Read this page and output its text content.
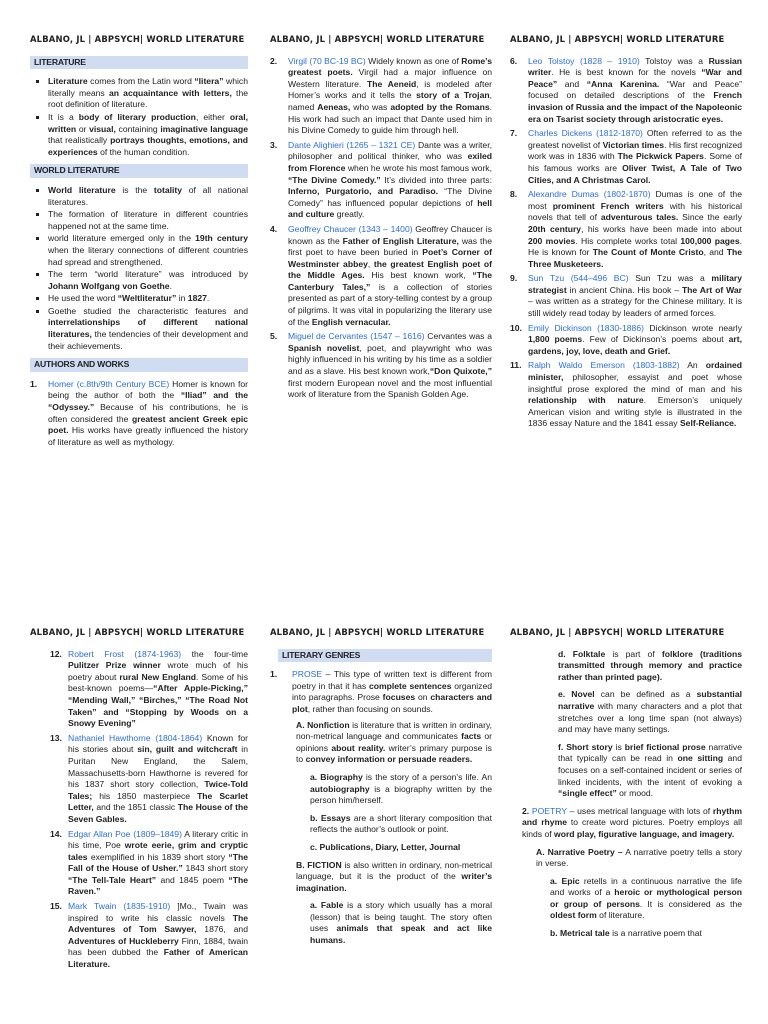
ALBANO, JL | ABPSYCH| WORLD LITERATURE
LITERATURE
Literature comes from the Latin word “litera” which literally means an acquaintance with letters, the root definition of literature.
It is a body of literary production, either oral, written or visual, containing imaginative language that realistically portrays thoughts, emotions, and experiences of the human condition.
WORLD LITERATURE
World literature is the totality of all national literatures.
The formation of literature in different countries happened not at the same time.
world literature emerged only in the 19th century when the literary connections of different countries had spread and strengthened.
The term “world literature” was introduced by Johann Wolfgang von Goethe.
He used the word “Weltliteratur” in 1827.
Goethe studied the characteristic features and interrelationships of different national literatures, the tendencies of their development and their achievements.
AUTHORS AND WORKS
1.	Homer (c.8th/9th Century BCE) Homer is known for being the author of both the “Iliad” and the “Odyssey.” Because of his contributions, he is often considered the greatest ancient Greek epic poet. His works have greatly influenced the history of literature as well as mythology.
ALBANO, JL | ABPSYCH| WORLD LITERATURE
2.	Virgil (70 BC-19 BC) Widely known as one of Rome’s greatest poets. Virgil had a major influence on Western literature. The Aeneid, is modeled after Homer’s works and it tells the story of a Trojan, named Aeneas, who was adopted by the Romans. His work had such an impact that Dante used him in his Divine Comedy to guide him through hell.
3.	Dante Alighieri (1265 – 1321 CE) Dante was a writer, philosopher and political thinker, who was exiled from Florence when he wrote his most famous work, “The Divine Comedy.” It’s divided into three parts: Inferno, Purgatorio, and Paradiso. “The Divine Comedy” has influenced popular depictions of hell and culture greatly.
4.	Geoffrey Chaucer (1343 – 1400) Geoffrey Chaucer is known as the Father of English Literature, was the first poet to have been buried in Poet’s Corner of Westminster abbey, the greatest English poet of the Middle Ages. His best known work, “The Canterbury Tales,” is a collection of stories presented as part of a story-telling contest by a group of pilgrims. It was vital in popularizing the literary use of the English vernacular.
5.	Miguel de Cervantes (1547 – 1616) Cervantes was a Spanish novelist, poet, and playwright who was highly influenced in his writing by his time as a soldier and as a slave. His best known work,“Don Quixote,” first modern European novel and the most influential work of literature from the Spanish Golden Age.
ALBANO, JL | ABPSYCH| WORLD LITERATURE
6.	Leo Tolstoy (1828 – 1910) Tolstoy was a Russian writer. He is best known for the novels “War and Peace” and “Anna Karenina. “War and Peace” focused on detailed descriptions of the French invasion of Russia and the impact of the Napoleonic era on Tsarist society through aristocratic eyes.
7.	Charles Dickens (1812-1870) Often referred to as the greatest novelist of Victorian times. His first recognized work was in 1836 with The Pickwick Papers. Some of his famous works are Oliver Twist, A Tale of Two Cities, and A Christmas Carol.
8.	Alexandre Dumas (1802-1870) Dumas is one of the most prominent French writers with his historical novels that tell of adventurous tales. Since the early 20th century, his works have been made into about 200 movies. His complete works total 100,000 pages. He is known for The Count of Monte Cristo, and The Three Musketeers.
9.	Sun Tzu (544–496 BC) Sun Tzu was a military strategist in ancient China. His book – The Art of War – was written as a strategy for the Chinese military. It is still widely read today by leaders of armed forces.
10. Emily Dickinson (1830-1886) Dickinson wrote nearly 1,800 poems. Few of Dickinson’s poems about art, gardens, joy, love, death and Grief.
11. Ralph Waldo Emerson (1803-1882) An ordained minister, philosopher, essayist and poet whose insightful prose explored the mind of man and his relationship with nature. Emerson’s uniquely American vision and writing style is illustrated in the 1836 essay Nature and the 1841 essay Self-Reliance.
ALBANO, JL | ABPSYCH| WORLD LITERATURE
12. Robert Frost (1874-1963) the four-time Pulitzer Prize winner wrote much of his poetry about rural New England. Some of his best-known poems—“After Apple-Picking,” “Mending Wall,” “Birches,” “The Road Not Taken” and “Stopping by Woods on a Snowy Evening”
13. Nathaniel Hawthorne (1804-1864) Known for his stories about sin, guilt and witchcraft in Puritan New England, the Salem, Massachusetts-born Hawthorne is revered for his 1837 short story collection, Twice-Told Tales; his 1850 masterpiece The Scarlet Letter, and the 1851 classic The House of the Seven Gables.
14. Edgar Allan Poe (1809–1849) A literary critic in his time, Poe wrote eerie, grim and cryptic tales exemplified in his 1839 short story “The Fall of the House of Usher.” 1843 short story “The Tell-Tale Heart” and 1845 poem “The Raven.”
15. Mark Twain (1835-1910) ]Mo., Twain was inspired to write his classic novels The Adventures of Tom Sawyer, 1876, and Adventures of Huckleberry Finn, 1884, twain has been dubbed the Father of American Literature.
ALBANO, JL | ABPSYCH| WORLD LITERATURE
LITERARY GENRES
1.	PROSE – This type of written text is different from poetry in that it has complete sentences organized into paragraphs. Prose focuses on characters and plot, rather than focusing on sounds.
A. Nonfiction is literature that is written in ordinary, non-metrical language and communicates facts or opinions about reality. writer’s primary purpose is to convey information or persuade readers.
a. Biography is the story of a person's life. An autobiography is a biography written by the person him/herself.
b. Essays are a short literary composition that reflects the author’s outlook or point.
c. Publications, Diary, Letter, Journal
B. FICTION is also written in ordinary, non-metrical language, but it is the product of the writer’s imagination.
a. Fable is a story which usually has a moral (lesson) that is being taught. The story often uses animals that speak and act like humans.
ALBANO, JL | ABPSYCH| WORLD LITERATURE
d. Folktale is part of folklore (traditions transmitted through memory and practice rather than printed page).
e. Novel can be defined as a substantial narrative with many characters and a plot that stretches over a long time span (not always) and may have many settings.
f. Short story is brief fictional prose narrative that typically can be read in one sitting and focuses on a self-contained incident or series of linked incidents, with the intent of evoking a “single effect” or mood.
2. POETRY – uses metrical language with lots of rhythm and rhyme to create word pictures. Poetry employs all kinds of word play, figurative language, and imagery.
A. Narrative Poetry – A narrative poetry tells a story in verse.
a. Epic retells in a continuous narrative the life and works of a heroic or mythological person or group of persons. It is considered as the oldest form of literature.
b. Metrical tale is a narrative poem that
